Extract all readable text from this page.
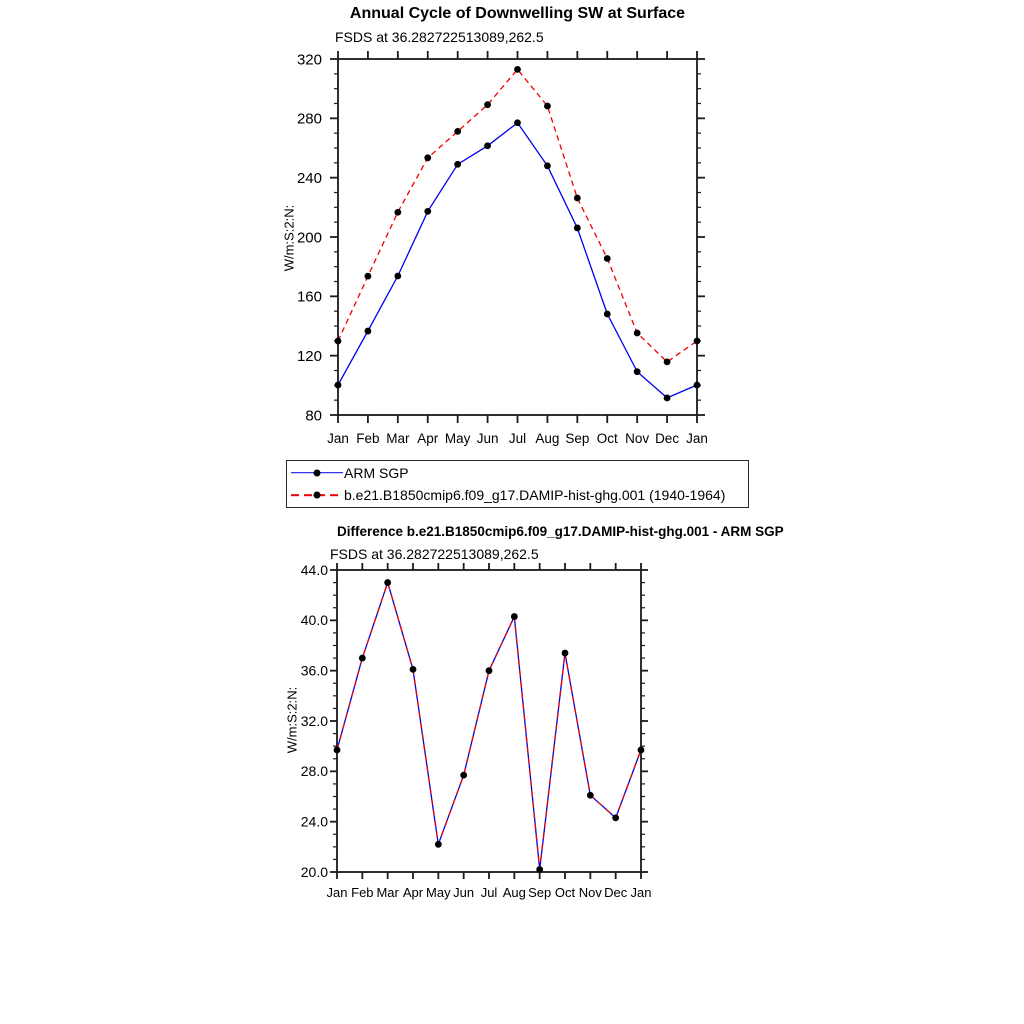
80
120
160
200
240
280
320
Jan Feb Mar Apr May Jun Jul Aug Sep Oct Nov Dec Jan
20.0
24.0
28.0
32.0
36.0
40.0
44.0
Jan Feb Mar Apr May Jun Jul Aug Sep Oct Nov Dec Jan
Annual Cycle of Downwelling SW at Surface
FSDS at 36.282722513089,262.5
W/m:S:2:N:
ARM SGP
b.e21.B1850cmip6.f09_g17.DAMIP-hist-ghg.001 (1940-1964)
Difference b.e21.B1850cmip6.f09_g17.DAMIP-hist-ghg.001 - ARM SGP
FSDS at 36.282722513089,262.5
W/m:S:2:N:
